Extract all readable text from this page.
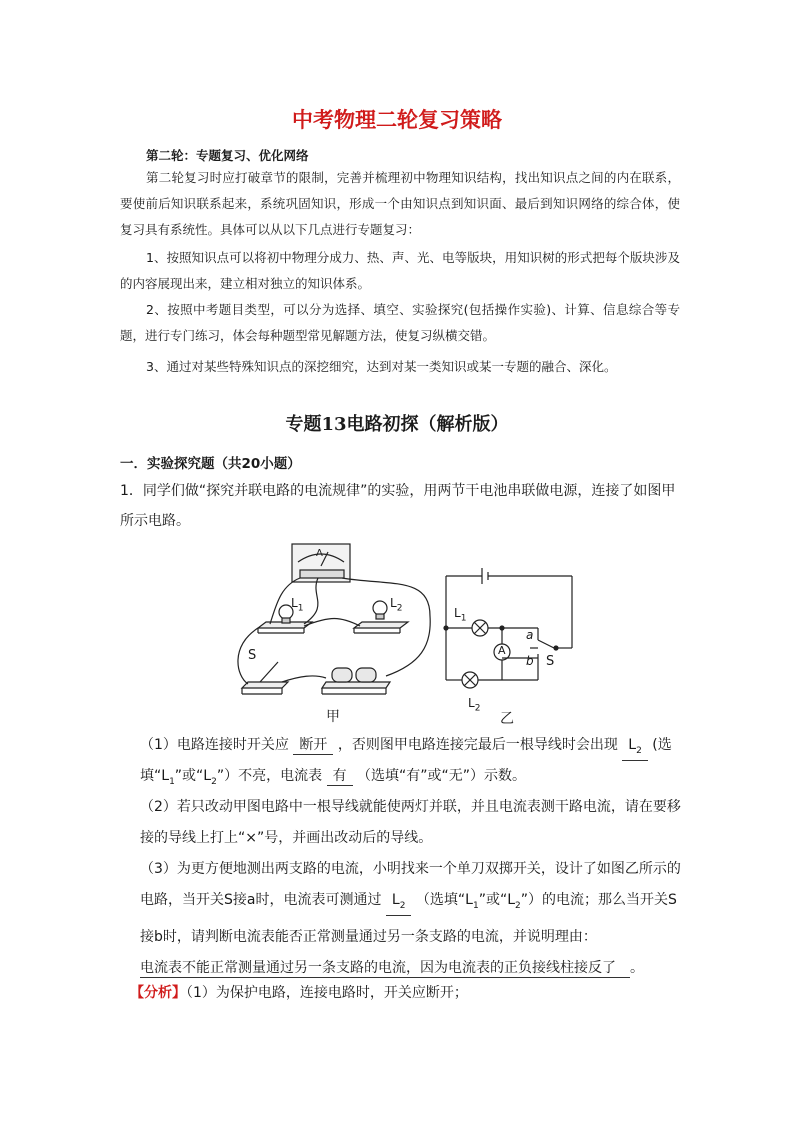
中考物理二轮复习策略
第二轮：专题复习、优化网络
第二轮复习时应打破章节的限制，完善并梳理初中物理知识结构，找出知识点之间的内在联系，要使前后知识联系起来，系统巩固知识，形成一个由知识点到知识面、最后到知识网络的综合体，使复习具有系统性。具体可以从以下几点进行专题复习：
1、按照知识点可以将初中物理分成力、热、声、光、电等版块，用知识树的形式把每个版块涉及的内容展现出来，建立相对独立的知识体系。
2、按照中考题目类型，可以分为选择、填空、实验探究(包括操作实验)、计算、信息综合等专题，进行专门练习，体会每种题型常见解题方法，使复习纵横交错。
3、通过对某些特殊知识点的深挖细究，达到对某一类知识或某一专题的融合、深化。
专题13电路初探（解析版）
一．实验探究题（共20小题）
1．同学们做“探究并联电路的电流规律”的实验，用两节干电池串联做电源，连接了如图甲所示电路。
$L_1$	$L_2$
A
S
$L_1$
$L_2$
A
a
b S
甲	乙
（1）电路连接时开关应 断开 ，否则图甲电路连接完最后一根导线时会出现 $L_2$ (选填“$L_1$”或“$L_2$”）不亮，电流表 有 （选填“有”或“无”）示数。
（2）若只改动甲图电路中一根导线就能使两灯并联，并且电流表测干路电流，请在要移接的导线上打上“×”号，并画出改动后的导线。
（3）为更方便地测出两支路的电流，小明找来一个单刀双掷开关，设计了如图乙所示的电路，当开关S接a时，电流表可测通过 $L_2$ （选填“$L_1$”或“$L_2$”）的电流；那么当开关S接b时，请判断电流表能否正常测量通过另一条支路的电流，并说明理由： 电流表不能正常测量通过另一条支路的电流，因为电流表的正负接线柱接反了 。
【分析】（1）为保护电路，连接电路时，开关应断开；
